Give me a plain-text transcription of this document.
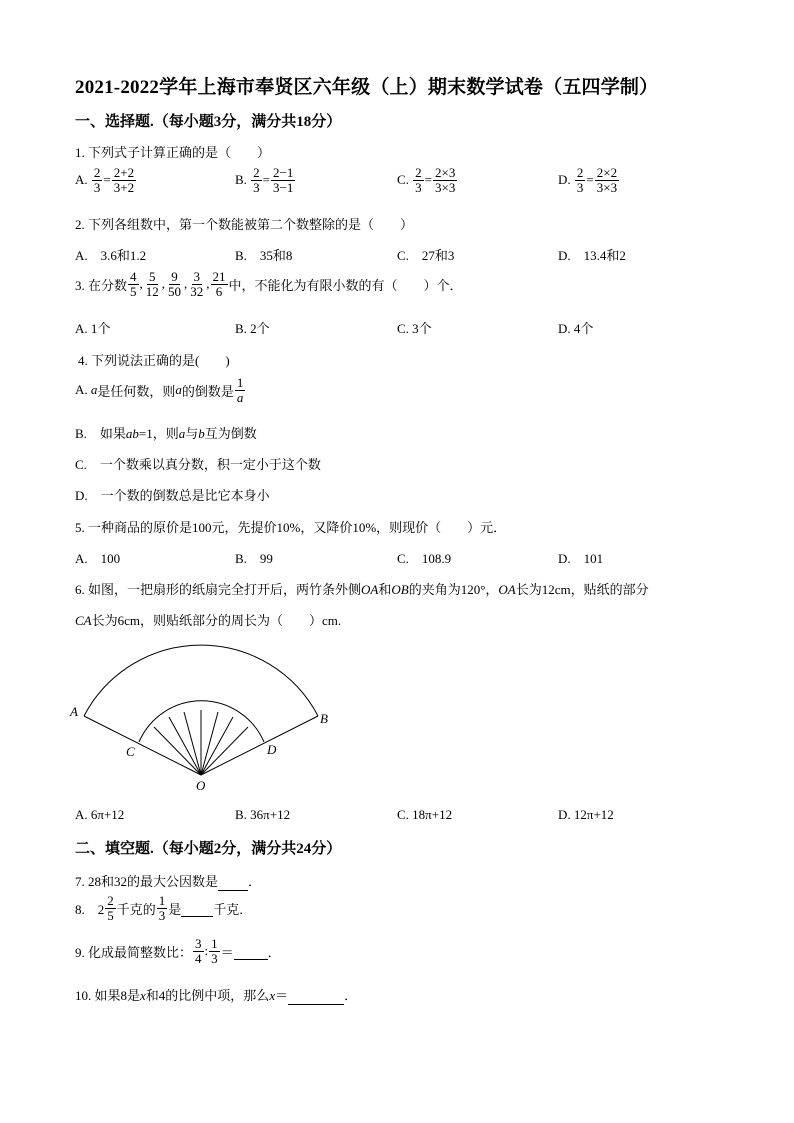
2021-2022学年上海市奉贤区六年级（上）期末数学试卷（五四学制）
一、选择题.（每小题3分，满分共18分）
1. 下列式子计算正确的是（　　）
A.
$\frac{2}{3} = \frac{2+2}{3+2}$	B.
$\frac{2}{3} = \frac{2-1}{3-1}$	C.
$\frac{2}{3} = \frac{2\times 3}{3\times 3}$	D.
$\frac{2}{3} = \frac{2\times 2}{3\times 3}$
2. 下列各组数中，第一个数能被第二个数整除的是（　　）
A.　3.6和1.2	B.　35和8	C.　27和3	D.　13.4和2
3. 在分数 $\frac{4}{5}$ , $\frac{5}{12}$ , $\frac{9}{50}$ , $\frac{3}{32}$ , $\frac{21}{6}$ 中，不能化为有限小数的有（　　）个．
A. 1个	B. 2个	C. 3个	D. 4个
4. 下列说法正确的是(　　)
A.
a 是任何数，则 a 的倒数是 $\frac{1}{a}$
B.　如果ab=1，则a与b互为倒数
C.　一个数乘以真分数，积一定小于这个数
D.　一个数的倒数总是比它本身小
5. 一种商品的原价是100元，先提价10%，又降价10%，则现价（　　）元．
A.　100	B.　99	C.　108.9	D.　101
6. 如图，一把扇形的纸扇完全打开后，两竹条外侧OA和OB的夹角为120°，OA长为12cm，贴纸的部分
CA长为6cm，则贴纸部分的周长为（　　）cm.
A	B
C	D
O
A. 6π+12	B. 36π+12	C. 18π+12	D. 12π+12
二、填空题.（每小题2分，满分共24分）
7. 28和32的最大公因数是 ．
8.　$2 \frac{2}{5}$ 千克的 $\frac{1}{3}$ 是
千克．
9. 化成最简整数比： $\frac{3}{4}$ : $\frac{1}{3}$ ＝
	．
10. 如果8是x和4的比例中项，那么x＝	．
